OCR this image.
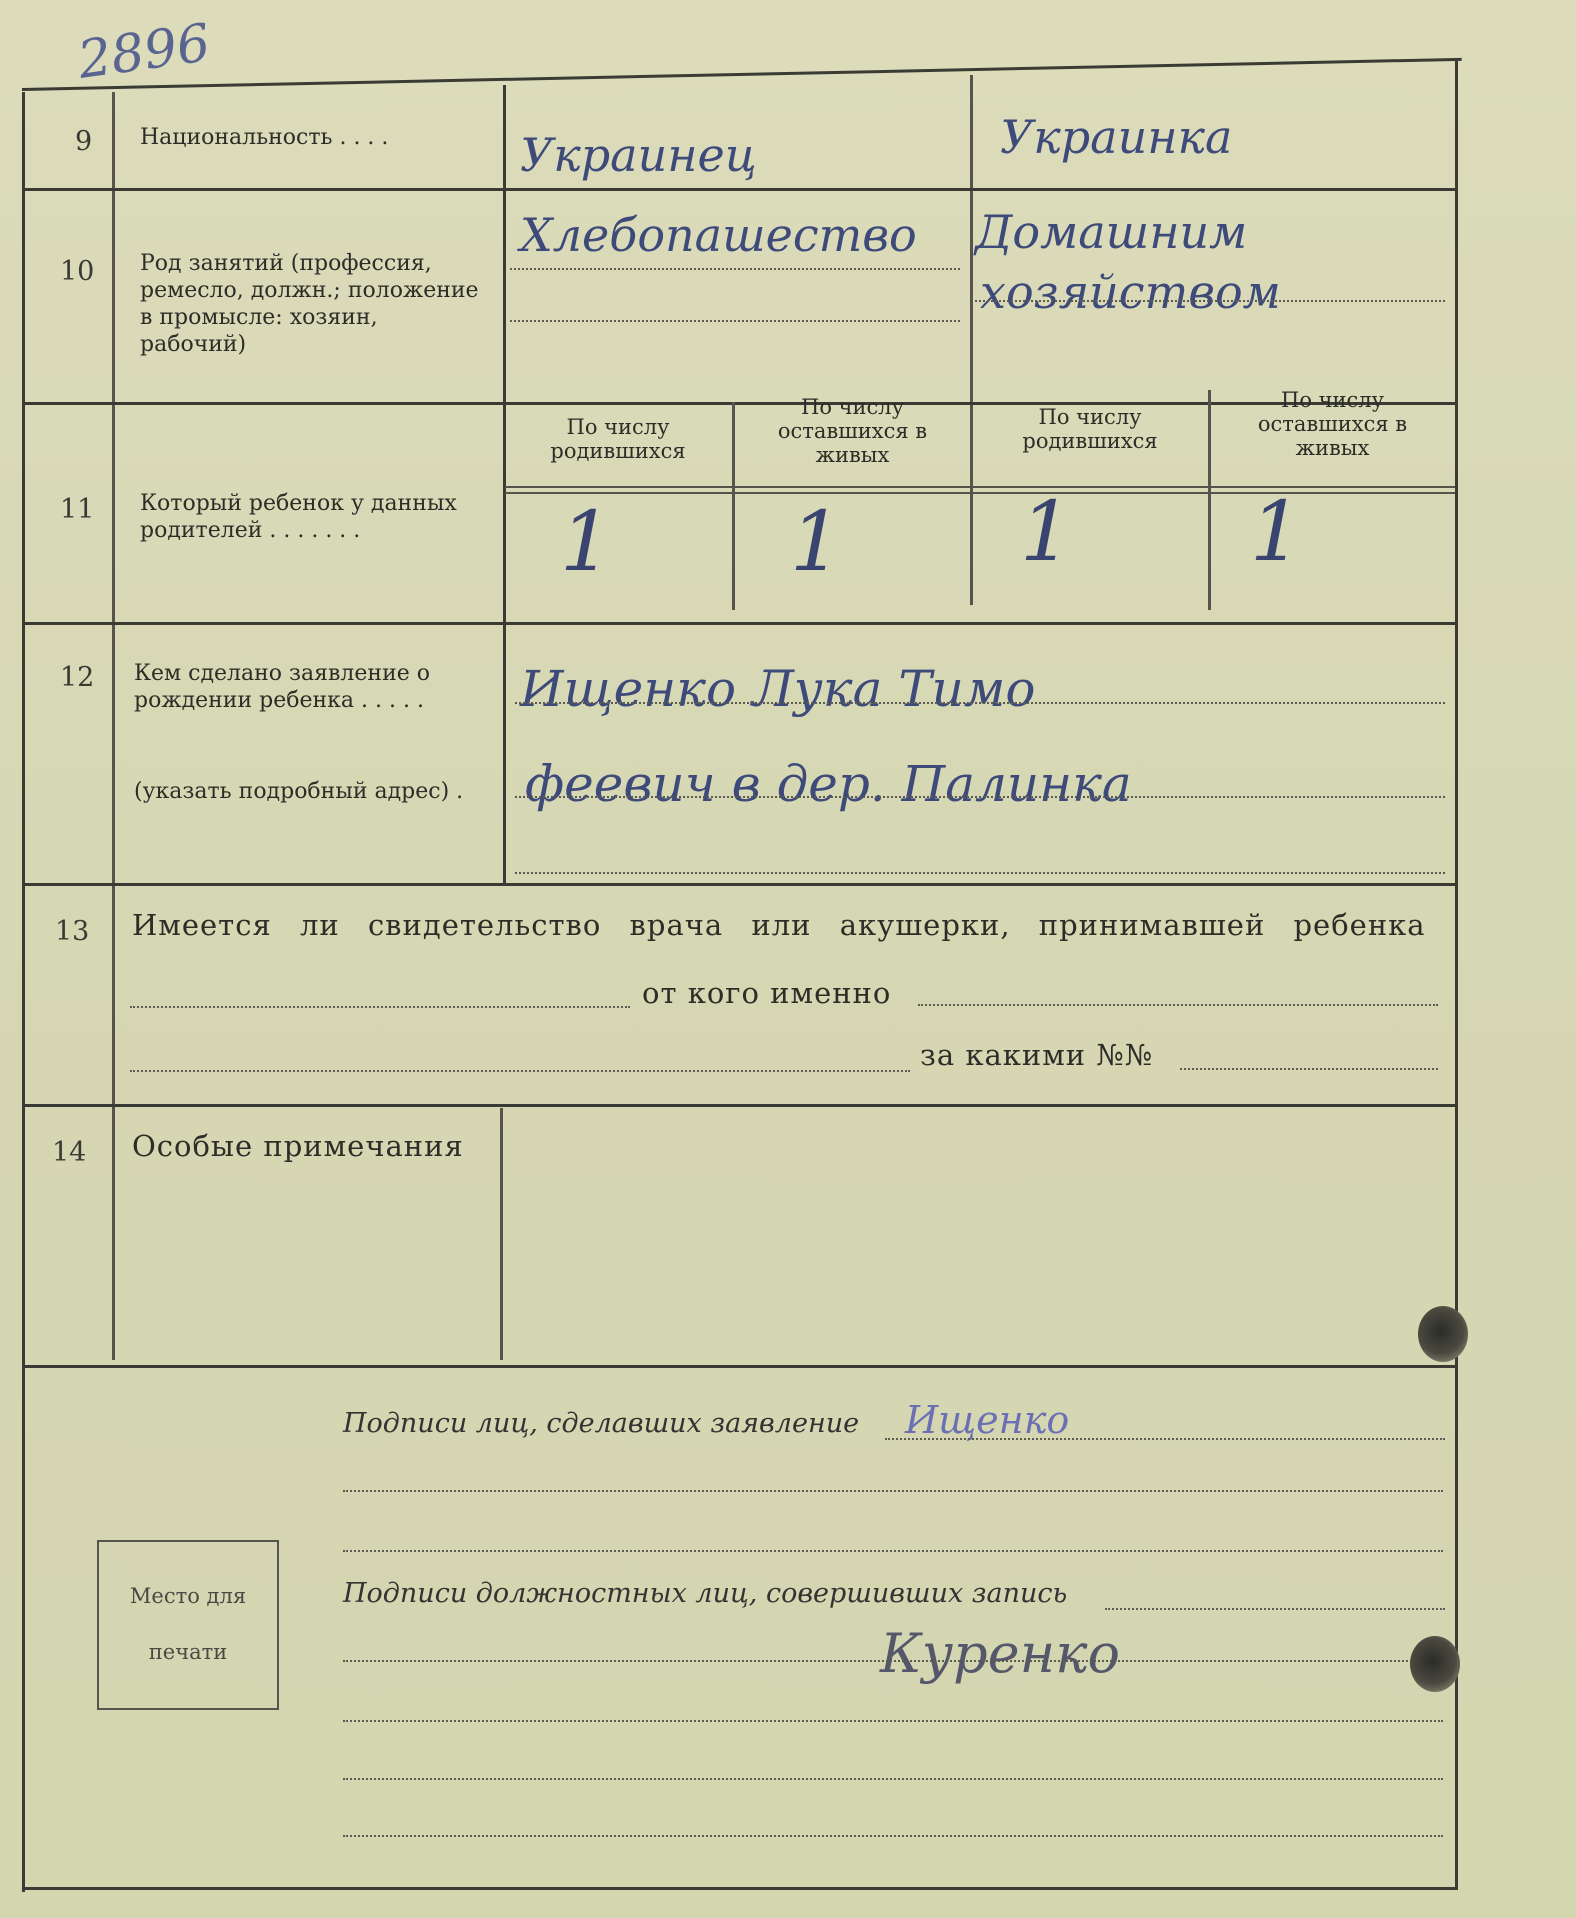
2896
​
9 Национальность . . . .	Украинец	Украинка
10 Род занятий (профессия, ремесло, должн.; положение в промысле: хозяин, рабочий)
Хлебопашество Домашним
хозяйством
11 Который ребенок у данных родителей . . . . . . .
По числу родившихся
По числу оставшихся в живых
По числу родившихся
По числу оставшихся в живых
1 1 1 1
12 Кем сделано заявление о рождении ребенка . . . . .
(указать подробный адрес) .
Ищенко Лука Тимо
феевич в дер. Палинка
13 Имеется ли свидетельство врача или акушерки, принимавшей ребенка
от кого именно
за какими №№
14 Особые примечания
Подписи лиц, сделавших заявление Ищенко
Подписи должностных лиц, совершивших запись
Куренко
Место для
печати
